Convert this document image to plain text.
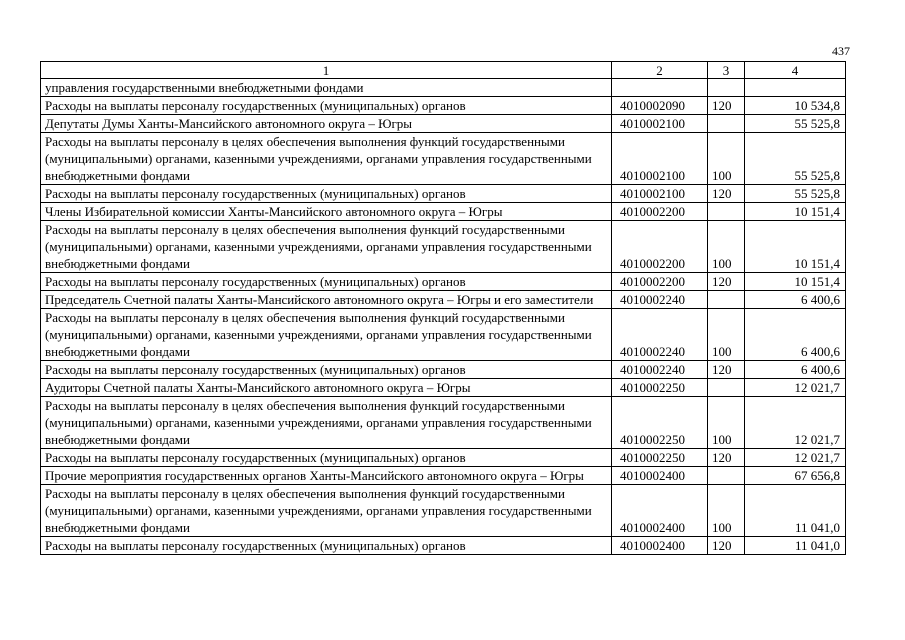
437
1	2	3	4
управления государственными внебюджетными фондами			
Расходы на выплаты персоналу государственных (муниципальных) органов	4010002090	120	10 534,8
Депутаты Думы Ханты-Мансийского автономного округа – Югры	4010002100		55 525,8
Расходы на выплаты персоналу в целях обеспечения выполнения функций государственными (муниципальными) органами, казенными учреждениями, органами управления государственными внебюджетными фондами	4010002100	100	55 525,8
Расходы на выплаты персоналу государственных (муниципальных) органов	4010002100	120	55 525,8
Члены Избирательной комиссии Ханты-Мансийского автономного округа – Югры	4010002200		10 151,4
Расходы на выплаты персоналу в целях обеспечения выполнения функций государственными (муниципальными) органами, казенными учреждениями, органами управления государственными внебюджетными фондами	4010002200	100	10 151,4
Расходы на выплаты персоналу государственных (муниципальных) органов	4010002200	120	10 151,4
Председатель Счетной палаты Ханты-Мансийского автономного округа – Югры и его заместители	4010002240		6 400,6
Расходы на выплаты персоналу в целях обеспечения выполнения функций государственными (муниципальными) органами, казенными учреждениями, органами управления государственными внебюджетными фондами	4010002240	100	6 400,6
Расходы на выплаты персоналу государственных (муниципальных) органов	4010002240	120	6 400,6
Аудиторы Счетной палаты Ханты-Мансийского автономного округа – Югры	4010002250		12 021,7
Расходы на выплаты персоналу в целях обеспечения выполнения функций государственными (муниципальными) органами, казенными учреждениями, органами управления государственными внебюджетными фондами	4010002250	100	12 021,7
Расходы на выплаты персоналу государственных (муниципальных) органов	4010002250	120	12 021,7
Прочие мероприятия государственных органов Ханты-Мансийского автономного округа – Югры	4010002400		67 656,8
Расходы на выплаты персоналу в целях обеспечения выполнения функций государственными (муниципальными) органами, казенными учреждениями, органами управления государственными внебюджетными фондами	4010002400	100	11 041,0
Расходы на выплаты персоналу государственных (муниципальных) органов	4010002400	120	11 041,0
